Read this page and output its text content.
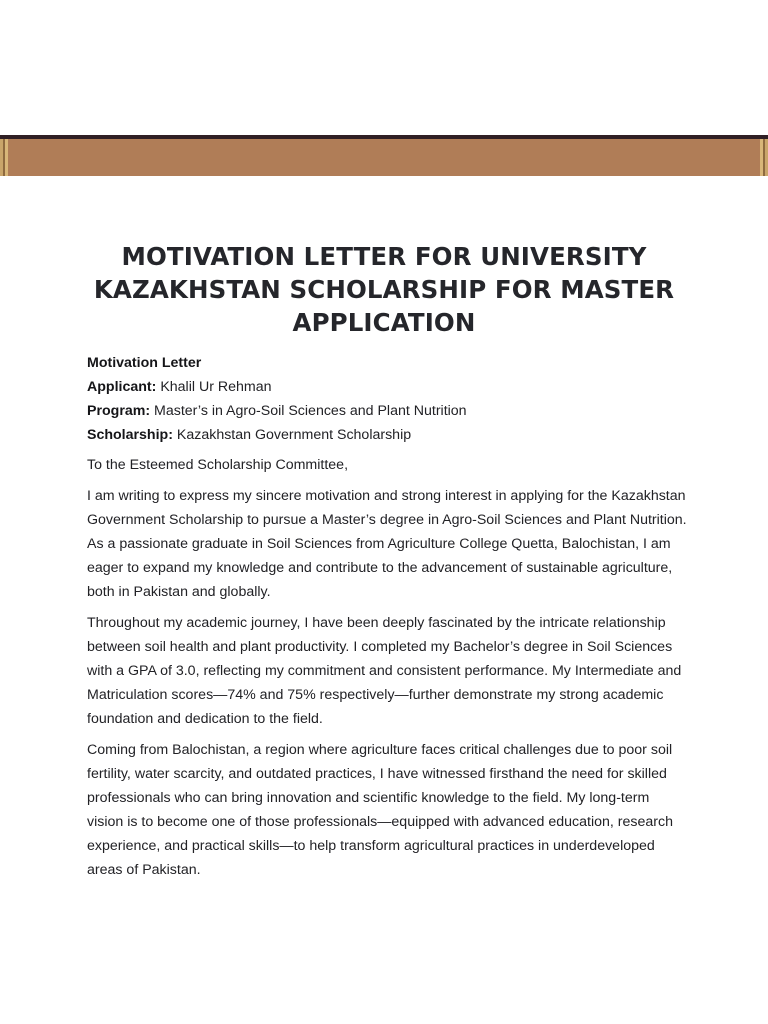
MOTIVATION LETTER FOR UNIVERSITY KAZAKHSTAN SCHOLARSHIP FOR MASTER APPLICATION

Motivation Letter

Applicant: Khalil Ur Rehman

Program: Master’s in Agro-Soil Sciences and Plant Nutrition

Scholarship: Kazakhstan Government Scholarship

To the Esteemed Scholarship Committee,

I am writing to express my sincere motivation and strong interest in applying for the Kazakhstan Government Scholarship to pursue a Master’s degree in Agro-Soil Sciences and Plant Nutrition. As a passionate graduate in Soil Sciences from Agriculture College Quetta, Balochistan, I am eager to expand my knowledge and contribute to the advancement of sustainable agriculture, both in Pakistan and globally.

Throughout my academic journey, I have been deeply fascinated by the intricate relationship between soil health and plant productivity. I completed my Bachelor’s degree in Soil Sciences with a GPA of 3.0, reflecting my commitment and consistent performance. My Intermediate and Matriculation scores—74% and 75% respectively—further demonstrate my strong academic foundation and dedication to the field.

Coming from Balochistan, a region where agriculture faces critical challenges due to poor soil fertility, water scarcity, and outdated practices, I have witnessed firsthand the need for skilled professionals who can bring innovation and scientific knowledge to the field. My long-term vision is to become one of those professionals—equipped with advanced education, research experience, and practical skills—to help transform agricultural practices in underdeveloped areas of Pakistan.
